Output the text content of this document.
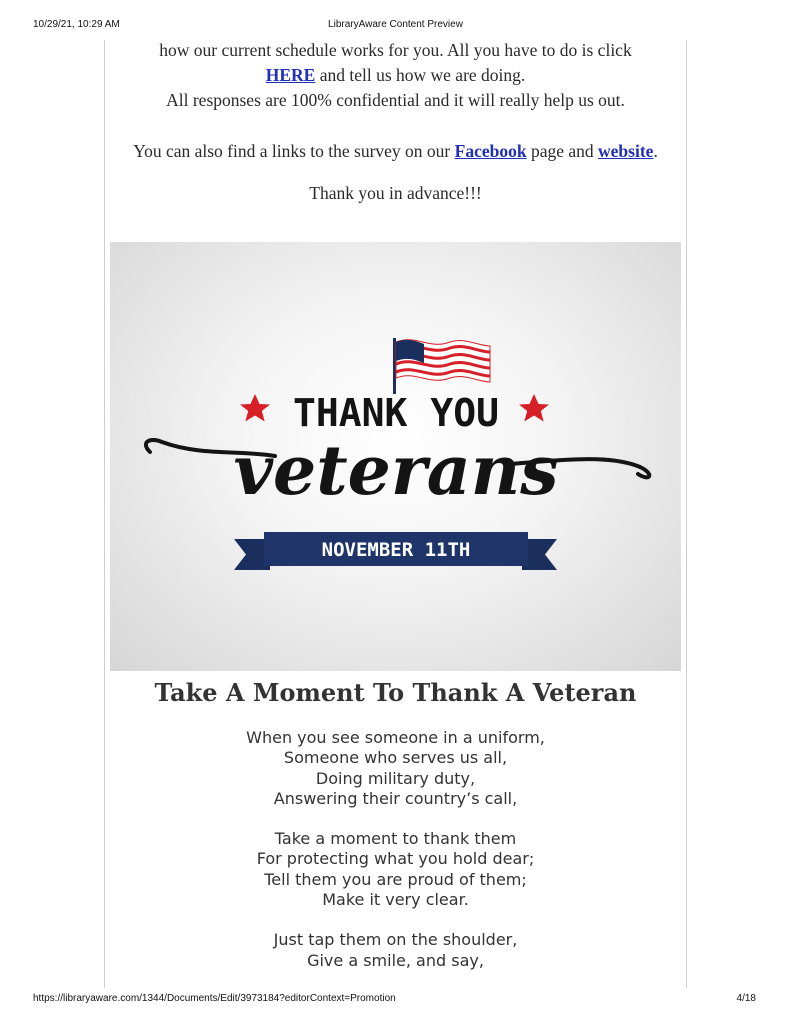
10/29/21, 10:29 AM	LibraryAware Content Preview

how our current schedule works for you. All you have to do is click
HERE and tell us how we are doing.
All responses are 100% confidential and it will really help us out.

You can also find a links to the survey on our Facebook page and website.

Thank you in advance!!!

THANK YOU
veterans
NOVEMBER 11TH
Take A Moment To Thank A Veteran
When you see someone in a uniform,
Someone who serves us all,
Doing military duty,
Answering their country’s call,
Take a moment to thank them
For protecting what you hold dear;
Tell them you are proud of them;
Make it very clear.
Just tap them on the shoulder,
Give a smile, and say,
https://libraryaware.com/1344/Documents/Edit/3973184?editorContext=Promotion	4/18
